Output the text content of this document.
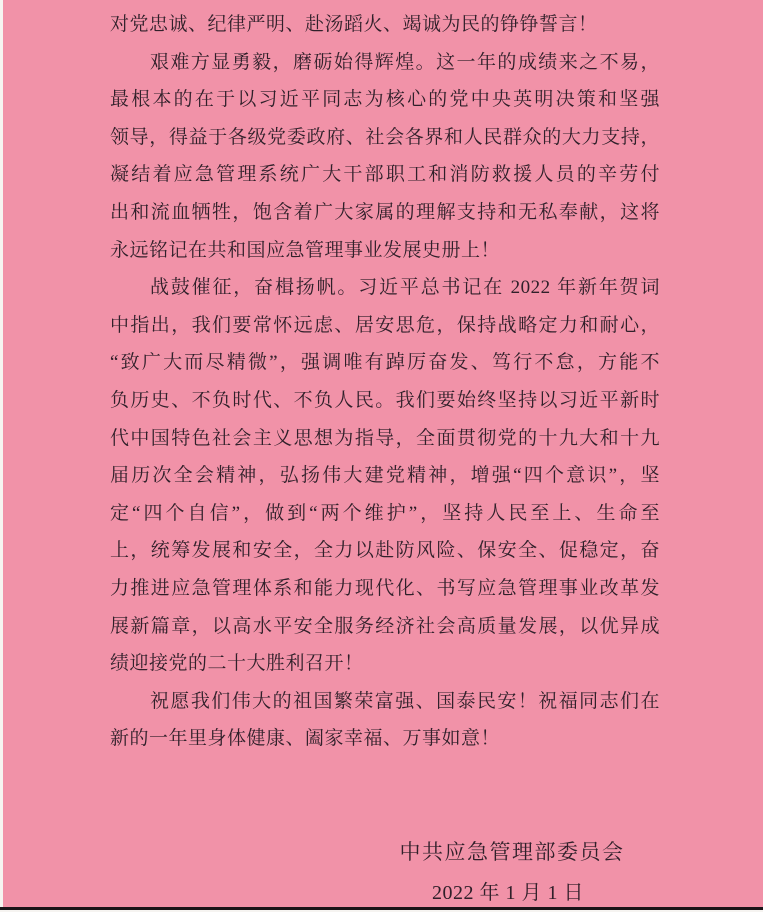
对党忠诚、纪律严明、赴汤蹈火、竭诚为民的铮铮誓言！
艰难方显勇毅，磨砺始得辉煌。这一年的成绩来之不易，
最根本的在于以习近平同志为核心的党中央英明决策和坚强
领导，得益于各级党委政府、社会各界和人民群众的大力支持，
凝结着应急管理系统广大干部职工和消防救援人员的辛劳付
出和流血牺牲，饱含着广大家属的理解支持和无私奉献，这将
永远铭记在共和国应急管理事业发展史册上！
战鼓催征，奋楫扬帆。习近平总书记在 2022 年新年贺词
中指出，我们要常怀远虑、居安思危，保持战略定力和耐心，
“致广大而尽精微”，强调唯有踔厉奋发、笃行不怠，方能不
负历史、不负时代、不负人民。我们要始终坚持以习近平新时
代中国特色社会主义思想为指导，全面贯彻党的十九大和十九
届历次全会精神，弘扬伟大建党精神，增强“四个意识”，坚
定“四个自信”，做到“两个维护”，坚持人民至上、生命至
上，统筹发展和安全，全力以赴防风险、保安全、促稳定，奋
力推进应急管理体系和能力现代化、书写应急管理事业改革发
展新篇章，以高水平安全服务经济社会高质量发展，以优异成
绩迎接党的二十大胜利召开！
祝愿我们伟大的祖国繁荣富强、国泰民安！祝福同志们在
新的一年里身体健康、阖家幸福、万事如意！
中共应急管理部委员会
2022 年 1 月 1 日
